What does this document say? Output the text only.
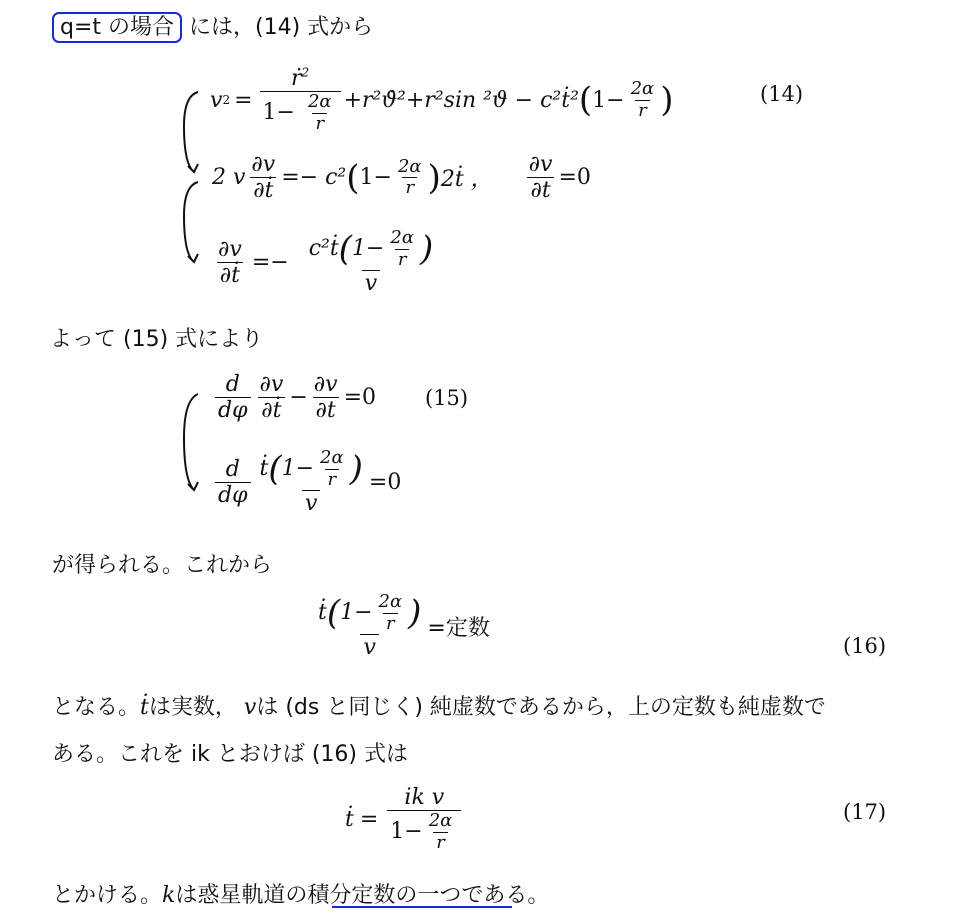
q=t の場合 には，(14) 式から
v $2 = \frac{ṙ^2}{1- \frac{2\alpha}{r}}$ +r²ϑ̇²+r²sin ²ϑ − c²ṫ² ( $1- \frac{2\alpha}{r}$ )	(14)
2 v $\frac{\partial v}{\text{∂ṫ}} =- c^2$ ( $1- \frac{2\alpha}{r}$ ) 2ṫ ， $\frac{\partial v}{\partial t} =0$
$\frac{\partial v}{\text{∂ṫ}} =- \frac{c^2ṫ(1- \frac{2\alpha}{r} )}{v}$
よって (15) 式により
$\frac{d}{d\varphi} \frac{\partial v}{\text{∂ṫ}} - \frac{\partial v}{\partial t} =0$ (15)
$\frac{d}{d\varphi} \frac{ṫ(1- \frac{2\alpha}{r} )}{v} =0$
が得られる。これから
$\frac{ṫ(1- \frac{2\alpha}{r} )}{v}$ =定数
(16)
となる。ṫは実数， vは (ds と同じく) 純虚数であるから，上の定数も純虚数で
ある。これを ik とおけば (16) 式は
ṫ = $\frac{\text{ik v}}{1- \frac{2\alpha}{r}}$	(17)
とかける。kは惑星軌道の積分定数の一つである。
